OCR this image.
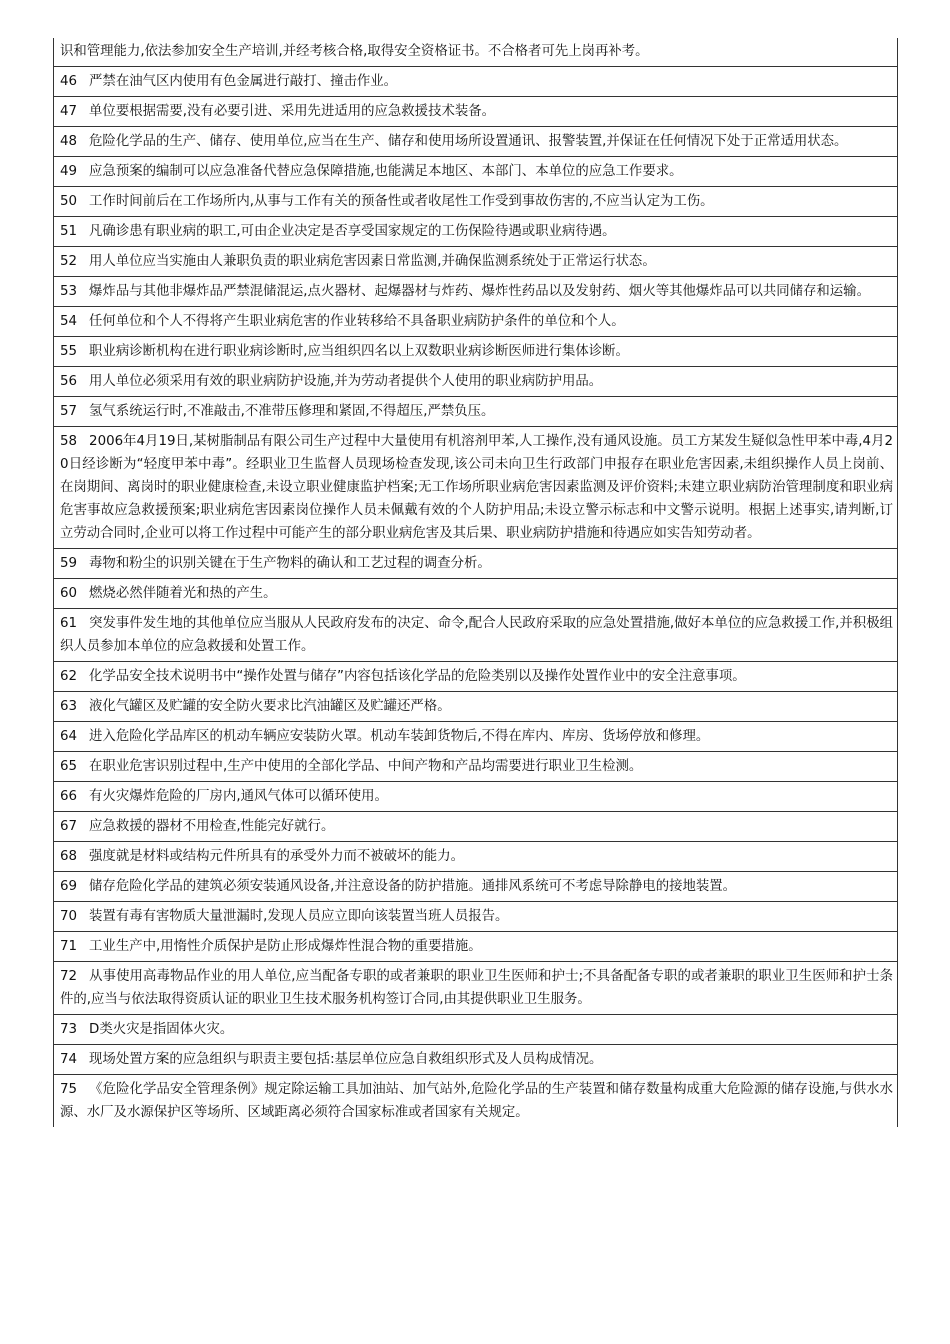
识和管理能力,依法参加安全生产培训,并经考核合格,取得安全资格证书。不合格者可先上岗再补考。
46 严禁在油气区内使用有色金属进行敲打、撞击作业。
47 单位要根据需要,没有必要引进、采用先进适用的应急救援技术装备。
48 危险化学品的生产、储存、使用单位,应当在生产、储存和使用场所设置通讯、报警装置,并保证在任何情况下处于正常适用状态。
49 应急预案的编制可以应急准备代替应急保障措施,也能满足本地区、本部门、本单位的应急工作要求。
50 工作时间前后在工作场所内,从事与工作有关的预备性或者收尾性工作受到事故伤害的,不应当认定为工伤。
51 凡确诊患有职业病的职工,可由企业决定是否享受国家规定的工伤保险待遇或职业病待遇。
52 用人单位应当实施由人兼职负责的职业病危害因素日常监测,并确保监测系统处于正常运行状态。
53 爆炸品与其他非爆炸品严禁混储混运,点火器材、起爆器材与炸药、爆炸性药品以及发射药、烟火等其他爆炸品可以共同储存和运输。
54 任何单位和个人不得将产生职业病危害的作业转移给不具备职业病防护条件的单位和个人。
55 职业病诊断机构在进行职业病诊断时,应当组织四名以上双数职业病诊断医师进行集体诊断。
56 用人单位必须采用有效的职业病防护设施,并为劳动者提供个人使用的职业病防护用品。
57 氢气系统运行时,不准敲击,不准带压修理和紧固,不得超压,严禁负压。
58 2006年4月19日,某树脂制品有限公司生产过程中大量使用有机溶剂甲苯,人工操作,没有通风设施。员工方某发生疑似急性甲苯中毒,4月20日经诊断为“轻度甲苯中毒”。经职业卫生监督人员现场检查发现,该公司未向卫生行政部门申报存在职业危害因素,未组织操作人员上岗前、在岗期间、离岗时的职业健康检查,未设立职业健康监护档案;无工作场所职业病危害因素监测及评价资料;未建立职业病防治管理制度和职业病危害事故应急救援预案;职业病危害因素岗位操作人员未佩戴有效的个人防护用品;未设立警示标志和中文警示说明。根据上述事实,请判断,订立劳动合同时,企业可以将工作过程中可能产生的部分职业病危害及其后果、职业病防护措施和待遇应如实告知劳动者。
59 毒物和粉尘的识别关键在于生产物料的确认和工艺过程的调查分析。
60 燃烧必然伴随着光和热的产生。
61 突发事件发生地的其他单位应当服从人民政府发布的决定、命令,配合人民政府采取的应急处置措施,做好本单位的应急救援工作,并积极组织人员参加本单位的应急救援和处置工作。
62 化学品安全技术说明书中“操作处置与储存”内容包括该化学品的危险类别以及操作处置作业中的安全注意事项。
63 液化气罐区及贮罐的安全防火要求比汽油罐区及贮罐还严格。
64 进入危险化学品库区的机动车辆应安装防火罩。机动车装卸货物后,不得在库内、库房、货场停放和修理。
65 在职业危害识别过程中,生产中使用的全部化学品、中间产物和产品均需要进行职业卫生检测。
66 有火灾爆炸危险的厂房内,通风气体可以循环使用。
67 应急救援的器材不用检查,性能完好就行。
68 强度就是材料或结构元件所具有的承受外力而不被破坏的能力。
69 储存危险化学品的建筑必须安装通风设备,并注意设备的防护措施。通排风系统可不考虑导除静电的接地装置。
70 装置有毒有害物质大量泄漏时,发现人员应立即向该装置当班人员报告。
71 工业生产中,用惰性介质保护是防止形成爆炸性混合物的重要措施。
72 从事使用高毒物品作业的用人单位,应当配备专职的或者兼职的职业卫生医师和护士;不具备配备专职的或者兼职的职业卫生医师和护士条件的,应当与依法取得资质认证的职业卫生技术服务机构签订合同,由其提供职业卫生服务。
73 D类火灾是指固体火灾。
74 现场处置方案的应急组织与职责主要包括:基层单位应急自救组织形式及人员构成情况。
75 《危险化学品安全管理条例》规定除运输工具加油站、加气站外,危险化学品的生产装置和储存数量构成重大危险源的储存设施,与供水水源、水厂及水源保护区等场所、区域距离必须符合国家标准或者国家有关规定。
